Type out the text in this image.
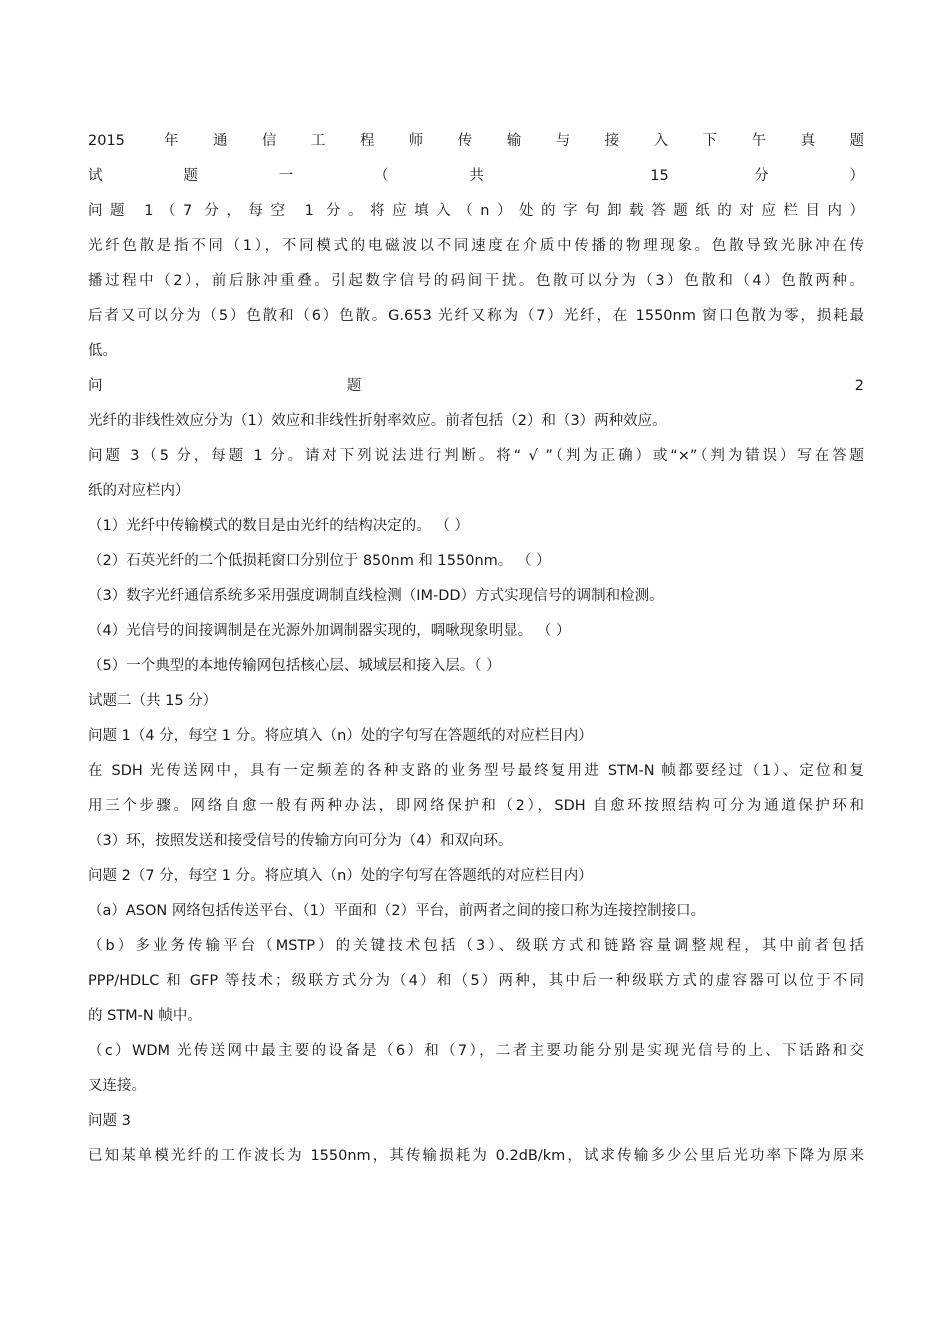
2015 年通信工程师传输与接入下午真题

试题一（共 15 分）

问题 1（7 分，每空 1 分。将应填入（n）处的字句卸载答题纸的对应栏目内）

光纤色散是指不同（1），不同模式的电磁波以不同速度在介质中传播的物理现象。色散导致光脉冲在传

播过程中（2），前后脉冲重叠。引起数字信号的码间干扰。色散可以分为（3）色散和（4）色散两种。

后者又可以分为（5）色散和（6）色散。G.653 光纤又称为（7）光纤，在 1550nm 窗口色散为零，损耗最

低。

问题 2

光纤的非线性效应分为（1）效应和非线性折射率效应。前者包括（2）和（3）两种效应。

问题 3（5 分，每题 1 分。请对下列说法进行判断。将“ √ ”（判为正确）或“×”（判为错误）写在答题

纸的对应栏内）

（1）光纤中传输模式的数目是由光纤的结构决定的。 （ ）

（2）石英光纤的二个低损耗窗口分别位于 850nm 和 1550nm。 （ ）

（3）数字光纤通信系统多采用强度调制直线检测（IM-DD）方式实现信号的调制和检测。

（4）光信号的间接调制是在光源外加调制器实现的，啁啾现象明显。 （ ）

（5）一个典型的本地传输网包括核心层、城域层和接入层。（ ）

试题二（共 15 分）

问题 1（4 分，每空 1 分。将应填入（n）处的字句写在答题纸的对应栏目内）

在 SDH 光传送网中，具有一定频差的各种支路的业务型号最终复用进 STM-N 帧都要经过（1）、定位和复

用三个步骤。网络自愈一般有两种办法，即网络保护和（2），SDH 自愈环按照结构可分为通道保护环和

（3）环，按照发送和接受信号的传输方向可分为（4）和双向环。

问题 2（7 分，每空 1 分。将应填入（n）处的字句写在答题纸的对应栏目内）

（a）ASON 网络包括传送平台、（1）平面和（2）平台，前两者之间的接口称为连接控制接口。

（b）多业务传输平台（MSTP）的关键技术包括（3）、级联方式和链路容量调整规程，其中前者包括

PPP/HDLC 和 GFP 等技术；级联方式分为（4）和（5）两种，其中后一种级联方式的虚容器可以位于不同

的 STM-N 帧中。

（c）WDM 光传送网中最主要的设备是（6）和（7），二者主要功能分别是实现光信号的上、下话路和交

叉连接。

问题 3

已知某单模光纤的工作波长为 1550nm，其传输损耗为 0.2dB/km，试求传输多少公里后光功率下降为原来
